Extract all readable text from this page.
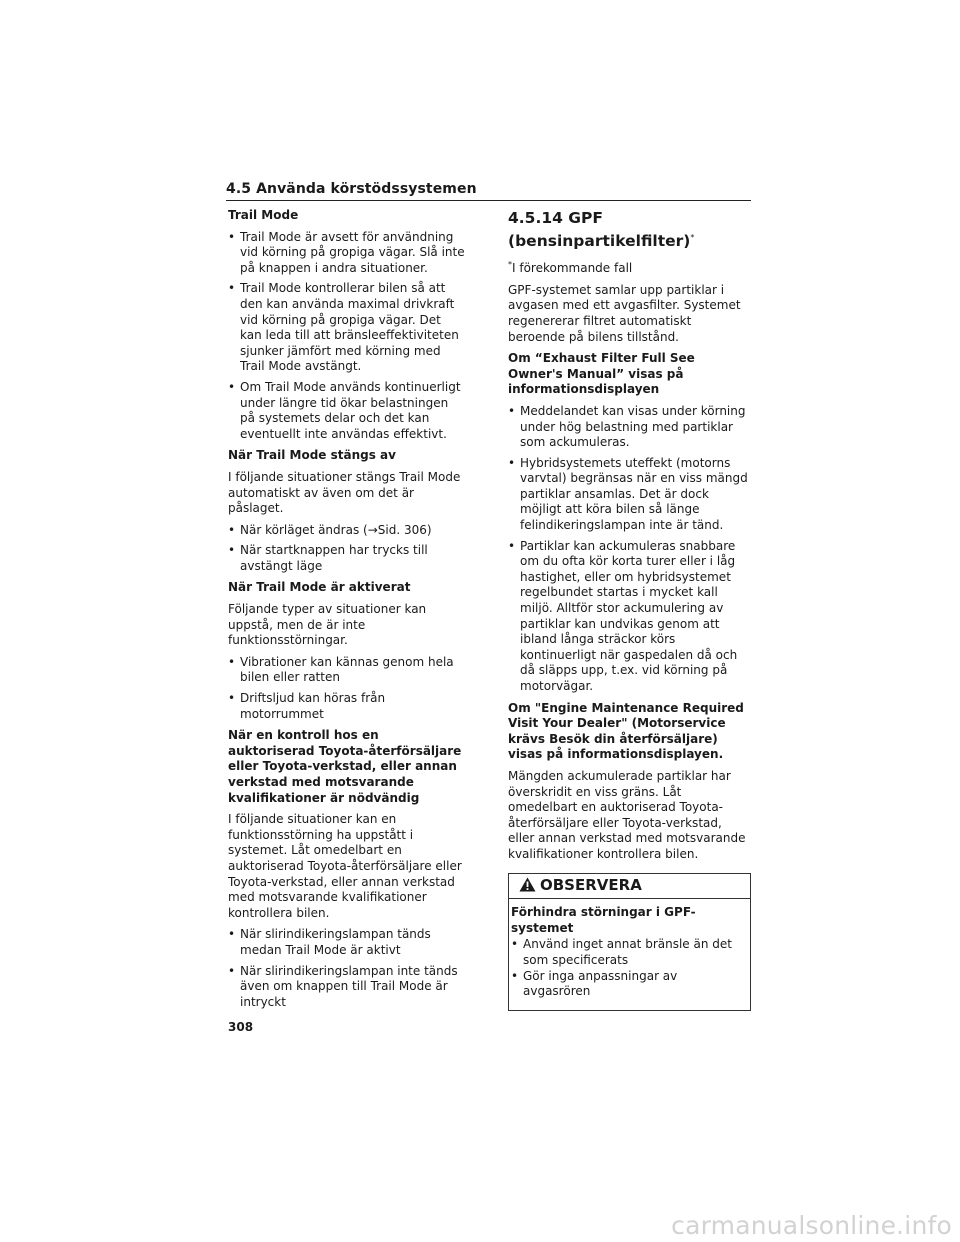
4.5 Använda körstödssystemen
Trail Mode
• Trail Mode är avsett för användning vid körning på gropiga vägar. Slå inte på knappen i andra situationer.
• Trail Mode kontrollerar bilen så att den kan använda maximal drivkraft vid körning på gropiga vägar. Det kan leda till att bränsleeffektiviteten sjunker jämfört med körning med Trail Mode avstängt.
• Om Trail Mode används kontinuerligt under längre tid ökar belastningen på systemets delar och det kan eventuellt inte användas effektivt.
När Trail Mode stängs av
I följande situationer stängs Trail Mode automatiskt av även om det är påslaget.
• När körläget ändras (→Sid. 306)
• När startknappen har trycks till avstängt läge
När Trail Mode är aktiverat
Följande typer av situationer kan uppstå, men de är inte funktionsstörningar.
• Vibrationer kan kännas genom hela bilen eller ratten
• Driftsljud kan höras från motorrummet
När en kontroll hos en auktoriserad Toyota-återförsäljare eller Toyota-verkstad, eller annan verkstad med motsvarande kvalifikationer är nödvändig
I följande situationer kan en funktionsstörning ha uppstått i systemet. Låt omedelbart en auktoriserad Toyota-återförsäljare eller Toyota-verkstad, eller annan verkstad med motsvarande kvalifikationer kontrollera bilen.
• När slirindikeringslampan tänds medan Trail Mode är aktivt
• När slirindikeringslampan inte tänds även om knappen till Trail Mode är intryckt
4.5.14 GPF
(bensinpartikelfilter)*
*I förekommande fall
GPF-systemet samlar upp partiklar i avgasen med ett avgasfilter. Systemet regenererar filtret automatiskt beroende på bilens tillstånd.
Om “Exhaust Filter Full See Owner's Manual” visas på informationsdisplayen
• Meddelandet kan visas under körning under hög belastning med partiklar som ackumuleras.
• Hybridsystemets uteffekt (motorns varvtal) begränsas när en viss mängd partiklar ansamlas. Det är dock möjligt att köra bilen så länge felindikeringslampan inte är tänd.
• Partiklar kan ackumuleras snabbare om du ofta kör korta turer eller i låg hastighet, eller om hybridsystemet regelbundet startas i mycket kall miljö. Alltför stor ackumulering av partiklar kan undvikas genom att ibland långa sträckor körs kontinuerligt när gaspedalen då och då släpps upp, t.ex. vid körning på motorvägar.
Om "Engine Maintenance Required Visit Your Dealer" (Motorservice krävs Besök din återförsäljare) visas på informationsdisplayen.
Mängden ackumulerade partiklar har överskridit en viss gräns. Låt omedelbart en auktoriserad Toyota-återförsäljare eller Toyota-verkstad, eller annan verkstad med motsvarande kvalifikationer kontrollera bilen.
OBSERVERA
Förhindra störningar i GPF-systemet
• Använd inget annat bränsle än det som specificerats
• Gör inga anpassningar av avgasrören
308
carmanualsonline.info
